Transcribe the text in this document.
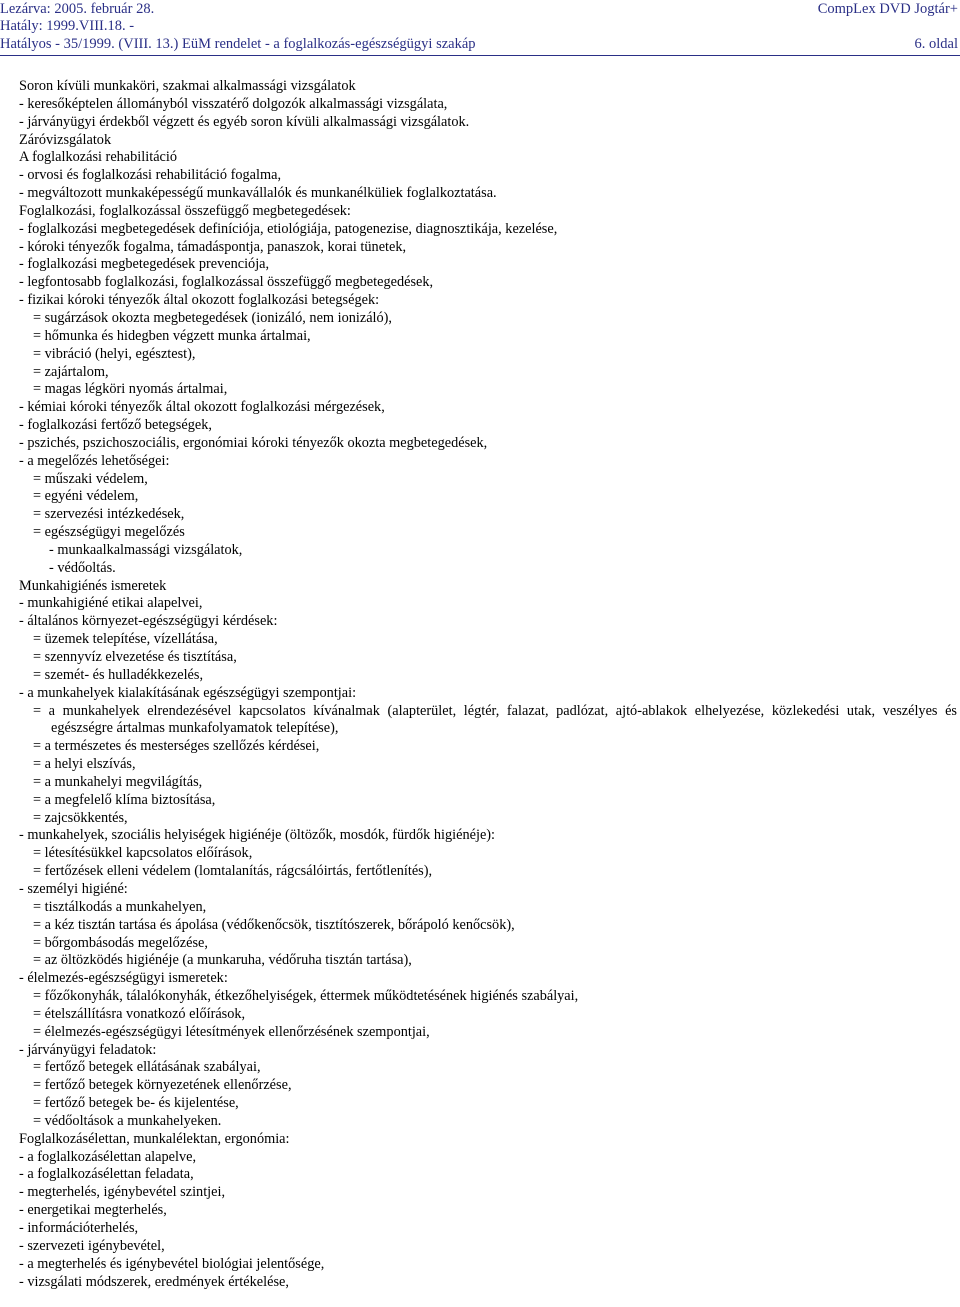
Lezárva: 2005. február 28.
Hatály: 1999.VIII.18. -
Hatályos - 35/1999. (VIII. 13.) EüM rendelet - a foglalkozás-egészségügyi szakáp
CompLex DVD Jogtár+
6. oldal
Soron kívüli munkaköri, szakmai alkalmassági vizsgálatok
- keresőképtelen állományból visszatérő dolgozók alkalmassági vizsgálata,
- járványügyi érdekből végzett és egyéb soron kívüli alkalmassági vizsgálatok.
Záróvizsgálatok
A foglalkozási rehabilitáció
- orvosi és foglalkozási rehabilitáció fogalma,
- megváltozott munkaképességű munkavállalók és munkanélküliek foglalkoztatása.
Foglalkozási, foglalkozással összefüggő megbetegedések:
- foglalkozási megbetegedések definíciója, etiológiája, patogenezise, diagnosztikája, kezelése,
- kóroki tényezők fogalma, támadáspontja, panaszok, korai tünetek,
- foglalkozási megbetegedések prevenciója,
- legfontosabb foglalkozási, foglalkozással összefüggő megbetegedések,
- fizikai kóroki tényezők által okozott foglalkozási betegségek:
= sugárzások okozta megbetegedések (ionizáló, nem ionizáló),
= hőmunka és hidegben végzett munka ártalmai,
= vibráció (helyi, egésztest),
= zajártalom,
= magas légköri nyomás ártalmai,
- kémiai kóroki tényezők által okozott foglalkozási mérgezések,
- foglalkozási fertőző betegségek,
- pszichés, pszichoszociális, ergonómiai kóroki tényezők okozta megbetegedések,
- a megelőzés lehetőségei:
= műszaki védelem,
= egyéni védelem,
= szervezési intézkedések,
= egészségügyi megelőzés
- munkaalkalmassági vizsgálatok,
- védőoltás.
Munkahigiénés ismeretek
- munkahigiéné etikai alapelvei,
- általános környezet-egészségügyi kérdések:
= üzemek telepítése, vízellátása,
= szennyvíz elvezetése és tisztítása,
= szemét- és hulladékkezelés,
- a munkahelyek kialakításának egészségügyi szempontjai:
= a munkahelyek elrendezésével kapcsolatos kívánalmak (alapterület, légtér, falazat, padlózat, ajtó-ablakok elhelyezése, közlekedési utak, veszélyes és egészségre ártalmas munkafolyamatok telepítése),
= a természetes és mesterséges szellőzés kérdései,
= a helyi elszívás,
= a munkahelyi megvilágítás,
= a megfelelő klíma biztosítása,
= zajcsökkentés,
- munkahelyek, szociális helyiségek higiénéje (öltözők, mosdók, fürdők higiénéje):
= létesítésükkel kapcsolatos előírások,
= fertőzések elleni védelem (lomtalanítás, rágcsálóirtás, fertőtlenítés),
- személyi higiéné:
= tisztálkodás a munkahelyen,
= a kéz tisztán tartása és ápolása (védőkenőcsök, tisztítószerek, bőrápoló kenőcsök),
= bőrgombásodás megelőzése,
= az öltözködés higiénéje (a munkaruha, védőruha tisztán tartása),
- élelmezés-egészségügyi ismeretek:
= főzőkonyhák, tálalókonyhák, étkezőhelyiségek, éttermek működtetésének higiénés szabályai,
= ételszállításra vonatkozó előírások,
= élelmezés-egészségügyi létesítmények ellenőrzésének szempontjai,
- járványügyi feladatok:
= fertőző betegek ellátásának szabályai,
= fertőző betegek környezetének ellenőrzése,
= fertőző betegek be- és kijelentése,
= védőoltások a munkahelyeken.
Foglalkozásélettan, munkalélektan, ergonómia:
- a foglalkozásélettan alapelve,
- a foglalkozásélettan feladata,
- megterhelés, igénybevétel szintjei,
- energetikai megterhelés,
- információterhelés,
- szervezeti igénybevétel,
- a megterhelés és igénybevétel biológiai jelentősége,
- vizsgálati módszerek, eredmények értékelése,
